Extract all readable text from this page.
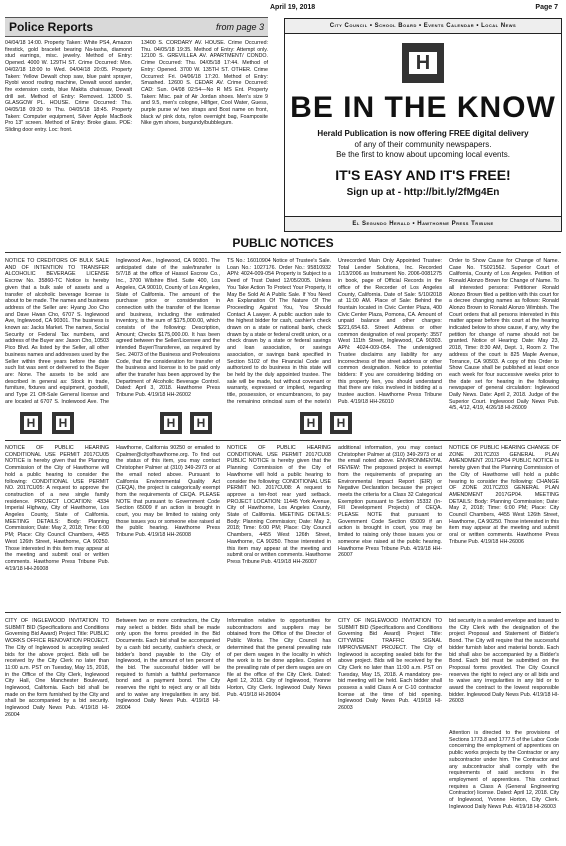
April 19, 2018	Page 7
Police Reports	from page 3
04/04/18 14:00. Property Taken: White PS4, Amazon firestick, gold bracelet bearing Na-tasha, diamond stud earrings, misc. jewelry. Method of Entry: Opened. 4000 W. 129TH ST. Crime Occurred: Mon. 04/02/18 18:00 to Wed. 04/04/18 20:05. Property Taken: Yellow Dewalt chop saw, blue paint sprayer, Ryobi wood routing machine, Dewalt wood sander, fire extension cords, blue Makita chainsaw, Dewalt drill set. Method of Entry: Removed. 13000 S. GLASGOW PL. HOUSE. Crime Occurred: Thu. 04/05/18 09:30 to Thu. 04/05/18 18:45. Property Taken: Computer equipment, Silver Apple MacBook Pro 13" screen. Method of Entry: Broke glass. POE: Sliding door entry. Loc: front.
13400 S. CORDARY AV. HOUSE. Crime Occurred: Thu. 04/05/18 19:35. Method of Entry: Attempt only. 12100 S. GREVILLEA AV. APARTMENT/ CONDO. Crime Occurred: Thu. 04/05/18 17:44. Method of Entry: Opened. 3700 W. 135TH ST. OTHER. Crime Occurred: Fri. 04/06/18 17:20. Method of Entry: Smashed. 12600 S. CEDAR AV. Crime Occurred: CAD: Sun. 04/08 02:54—No R MS Ent. Property Taken: Misc. pair of Air Jordan shoes. Men's size 9 and 9.5, men's cologne, Hilfiger, Cool Water, Guess, purple purse w/ two straps and Bost name on front, black w/ pink dots, nylon overnight bag, Foamposite Nike gym shoes, burgundy/bubblegum.
City Council • School Board • Events Calendar • Local News
H
BE IN THE KNOW
Herald Publication is now offering FREE digital delivery
of any of their community newspapers.
Be the first to know about upcoming local events.
IT'S EASY AND IT'S FREE!
Sign up at - http://bit.ly/2fMg4En
El Segundo Herald • Hawthorne Press Tribune
PUBLIC NOTICES
H H	H H	H H
NOTICE TO CREDITORS OF BULK SALE AND OF INTENTION TO TRANSFER ALCOHOLIC BEVERAGE LICENSE Escrow No. 35860-TC Notice is hereby given that a bulk sale of assets and a transfer of alcoholic beverage license is about to be made. The names and business address of the Seller are: Hyang Joo Cho and Dave Hwan Cho, 6707 S. Inglewood Ave, Inglewood, CA 90301. The business is known as: Jacks Market. The names, Social Security or Federal Tax numbers, and address of the Buyer are: Jason Cho, 10503 Pico Blvd. As listed by the Seller, all other business names and addresses used by the Seller within three years before the date such list was sent or delivered to the Buyer are: None. The assets to be sold are described in general as: Stock in trade, furniture, fixtures and equipment, goodwill, and Type 21 Off-Sale General license and are located at 6707 S. Inglewood Ave. The
Inglewood Ave., Inglewood, CA 90301. The anticipated date of the sale/transfer is 5/7/18 at the office of Hassol Escrow Co., Inc., 3700 Wilshire Blvd. Suite 400, Los Angeles, CA 90010, County of Los Angeles, State of California. The amount of the purchase price or consideration in connection with the transfer of the license and business, including the estimated inventory, is the sum of $175,000.00, which consists of the following: Description, Amount; Checks $175,000.00. It has been agreed between the Seller/Licensee and the intended Buyer/Transferee, as required by Sec. 24073 of the Business and Professions Code, that the consideration for transfer of the business and license is to be paid only after the transfer has been approved by the Department of Alcoholic Beverage Control. Dated: April 3, 2018. Hawthorne Press Tribune Pub. 4/19/18 HH-26002
TS No.: 16010904 Notice of Trustee's Sale. Loan No.: 1027176. Order No.: 95810932 APN: 4024-009-054 Property is Subject to a Deed of Trust Dated 12/05/2005. Unless You Take Action To Protect Your Property, It May Be Sold At A Public Sale. If You Need An Explanation Of The Nature Of The Proceeding Against You, You Should Contact A Lawyer. A public auction sale to the highest bidder for cash, cashier's check drawn on a state or national bank, check drawn by a state or federal credit union, or a check drawn by a state or federal savings and loan association, or savings association, or savings bank specified in Section 5102 of the Financial Code and authorized to do business in this state will be held by the duly appointed trustee. The sale will be made, but without covenant or warranty, expressed or implied, regarding title, possession, or encumbrances, to pay the remaining principal sum of the note(s)
Unrecorded Main Only Appointed Trustee: Total Lender Solutions, Inc. Recorded 1/13/2006 as Instrument No. 2006-0081275 in book, page of Official Records in the office of the Recorder of Los Angeles County, California. Date of Sale: 5/10/2018 at 11:00 AM. Place of Sale: Behind the fountain located in Civic Center Plaza, 400 Civic Center Plaza, Pomona, CA. Amount of unpaid balance and other charges: $221,654.63. Street Address or other common designation of real property: 3557 West 111th Street, Inglewood, CA 90303. APN: 4024-009-054. The undersigned Trustee disclaims any liability for any incorrectness of the street address or other common designation. Notice to potential bidders: If you are considering bidding on this property lien, you should understand that there are risks involved in bidding at a trustee auction. Hawthorne Press Tribune Pub. 4/19/18 HH-26010
Order to Show Cause for Change of Name. Case No. TS021562. Superior Court of California, County of Los Angeles. Petition of Ronald Alonzo Brown for Change of Name. To all interested persons: Petitioner Ronald Alonzo Brown filed a petition with this court for a decree changing names as follows: Ronald Alonzo Brown to Ronald Alonzo Wimbish. The Court orders that all persons interested in this matter appear before this court at the hearing indicated below to show cause, if any, why the petition for change of name should not be granted. Notice of Hearing: Date: May 23, 2018, Time: 8:30 AM, Dept. 1, Room 2. The address of the court is 825 Maple Avenue, Torrance, CA 90503. A copy of this Order to Show Cause shall be published at least once each week for four successive weeks prior to the date set for hearing in the following newspaper of general circulation: Inglewood Daily News. Date: April 2, 2018. Judge of the Superior Court. Inglewood Daily News Pub. 4/5, 4/12, 4/19, 4/26/18 HI-26009
NOTICE OF PUBLIC HEARING CONDITIONAL USE PERMIT 2017CU05 NOTICE is hereby given that the Planning Commission of the City of Hawthorne will hold a public hearing to consider the following: CONDITIONAL USE PERMIT NO. 2017CU05: A request to approve the construction of a new single family residence. PROJECT LOCATION: 4334 Imperial Highway, City of Hawthorne, Los Angeles County, State of California. MEETING DETAILS: Body: Planning Commission; Date: May 2, 2018; Time: 6:00 PM; Place: City Council Chambers, 4455 West 126th Street, Hawthorne, CA 90250. Those interested in this item may appear at the meeting and submit oral or written comments. Hawthorne Press Tribune Pub. 4/19/18 HH-26008
Hawthorne, California 90250 or emailed to Cpalmer@cityofhawthorne.org. To find out the status of this item, you may contact Christopher Palmer at (310) 349-2973 or at the email noted above. Pursuant to California Environmental Quality Act (CEQA), the project is categorically exempt from the requirements of CEQA. PLEASE NOTE that pursuant to Government Code Section 65009 if an action is brought in court, you may be limited to raising only those issues you or someone else raised at the public hearing. Hawthorne Press Tribune Pub. 4/19/18 HH-26008
NOTICE OF PUBLIC HEARING CONDITIONAL USE PERMIT 2017CU08 PUBLIC NOTICE is hereby given that the Planning Commission of the City of Hawthorne will hold a public hearing to consider the following: CONDITIONAL USE PERMIT NO. 2017CU08: A request to approve a ten-foot rear yard setback. PROJECT LOCATION: 11445 York Avenue, City of Hawthorne, Los Angeles County, State of California. MEETING DETAILS: Body: Planning Commission; Date: May 2, 2018; Time: 6:00 PM; Place: City Council Chambers, 4455 West 126th Street, Hawthorne, CA 90250. Those interested in this item may appear at the meeting and submit oral or written comments. Hawthorne Press Tribune Pub. 4/19/18 HH-26007
additional information, you may contact Christopher Palmer at (310) 349-2973 or at the email noted above. ENVIRONMENTAL REVIEW: The proposed project is exempt from the requirements of preparing an Environmental Impact Report (EIR) or Negative Declaration because the project meets the criteria for a Class 32 Categorical Exemption pursuant to Section 15332 (In-Fill Development Projects) of CEQA. PLEASE NOTE that pursuant to Government Code Section 65009 if an action is brought in court, you may be limited to raising only those issues you or someone else raised at the public hearing. Hawthorne Press Tribune Pub. 4/19/18 HH-26007
NOTICE OF PUBLIC HEARING CHANGE OF ZONE 2017CZ03 GENERAL PLAN AMENDMENT 2017GP04 PUBLIC NOTICE is hereby given that the Planning Commission of the City of Hawthorne will hold a public hearing to consider the following: CHANGE OF ZONE 2017CZ03 GENERAL PLAN AMENDMENT 2017GP04. MEETING DETAILS: Body: Planning Commission; Date: May 2, 2018; Time: 6:00 PM; Place: City Council Chambers, 4455 West 126th Street, Hawthorne, CA 90250. Those interested in this item may appear at the meeting and submit oral or written comments. Hawthorne Press Tribune Pub. 4/19/18 HH-26006
CITY OF INGLEWOOD INVITATION TO SUBMIT BID (Specifications and Conditions Governing Bid Award) Project Title: PUBLIC WORKS OFFICE RENOVATION PROJECT. The City of Inglewood is accepting sealed bids for the above project. Bids will be received by the City Clerk no later than 11:00 a.m. PST on Tuesday, May 15, 2018, in the Office of the City Clerk, Inglewood City Hall, One Manchester Boulevard, Inglewood, California. Each bid shall be made on the form furnished by the City and shall be accompanied by a bid security. Inglewood Daily News Pub. 4/19/18 HI-26004
Between two or more contractors, the City may select a bidder. Bids shall be made only upon the forms provided in the Bid Documents. Each bid shall be accompanied by a cash bid security, cashier's check, or bidder's bond payable to the City of Inglewood, in the amount of ten percent of the bid. The successful bidder will be required to furnish a faithful performance bond and a payment bond. The City reserves the right to reject any or all bids and to waive any irregularities in any bid. Inglewood Daily News Pub. 4/19/18 HI-26004
Information relative to opportunities for subcontractors and suppliers may be obtained from the Office of the Director of Public Works. The City Council has determined that the general prevailing rate of per diem wages in the locality in which the work is to be done applies. Copies of the prevailing rate of per diem wages are on file at the office of the City Clerk. Dated: April 12, 2018. City of Inglewood, Yvonne Horton, City Clerk. Inglewood Daily News Pub. 4/19/18 HI-26004
CITY OF INGLEWOOD INVITATION TO SUBMIT BID (Specifications and Conditions Governing Bid Award) Project Title: CITYWIDE TRAFFIC SIGNAL IMPROVEMENT PROJECT. The City of Inglewood is accepting sealed bids for the above project. Bids will be received by the City Clerk no later than 11:00 a.m. PST on Tuesday, May 15, 2018. A mandatory pre-bid meeting will be held. Each bidder shall possess a valid Class A or C-10 contractor license at the time of bid opening. Inglewood Daily News Pub. 4/19/18 HI-26003
bid security in a sealed envelope and issued to the City Clerk with the designation of the project Proposal and Statement of Bidder's Bond. The City will require that the successful bidder furnish labor and material bonds. Each bid shall also be accompanied by a Bidder's Bond. Each bid must be submitted on the Proposal forms provided. The City Council reserves the right to reject any or all bids and to waive any irregularities in any bid or to award the contract to the lowest responsible bidder. Inglewood Daily News Pub. 4/19/18 HI-26003
Attention is directed to the provisions of Sections 1773.8 and 1777.5 of the Labor Code concerning the employment of apprentices on public works projects by the Contractor or any subcontractor under him. The Contractor and any subcontractor shall comply with the requirements of said sections in the employment of apprentices. This contract requires a Class A (General Engineering Contractor) license. Dated: April 12, 2018. City of Inglewood, Yvonne Horton, City Clerk. Inglewood Daily News Pub. 4/19/18 HI-26003
